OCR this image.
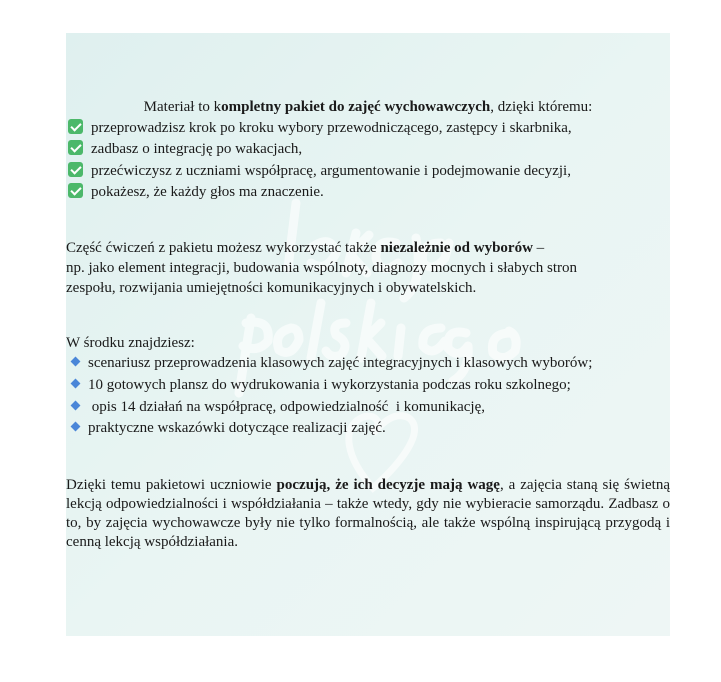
Materiał to kompletny pakiet do zajęć wychowawczych, dzięki któremu:
przeprowadzisz krok po kroku wybory przewodniczącego, zastępcy i skarbnika,
zadbasz o integrację po wakacjach,
przećwiczysz z uczniami współpracę, argumentowanie i podejmowanie decyzji,
pokażesz, że każdy głos ma znaczenie.
Część ćwiczeń z pakietu możesz wykorzystać także niezależnie od wyborów –
np. jako element integracji, budowania wspólnoty, diagnozy mocnych i słabych stron
zespołu, rozwijania umiejętności komunikacyjnych i obywatelskich.
W środku znajdziesz:
scenariusz przeprowadzenia klasowych zajęć integracyjnych i klasowych wyborów;
10 gotowych plansz do wydrukowania i wykorzystania podczas roku szkolnego;
opis 14 działań na współpracę, odpowiedzialność  i komunikację,
praktyczne wskazówki dotyczące realizacji zajęć.
Dzięki temu pakietowi uczniowie poczują, że ich decyzje mają wagę, a zajęcia staną się świetną lekcją odpowiedzialności i współdziałania – także wtedy, gdy nie wybieracie samorządu. Zadbasz o to, by zajęcia wychowawcze były nie tylko formalnością, ale także wspólną inspirującą przygodą i cenną lekcją współdziałania.
